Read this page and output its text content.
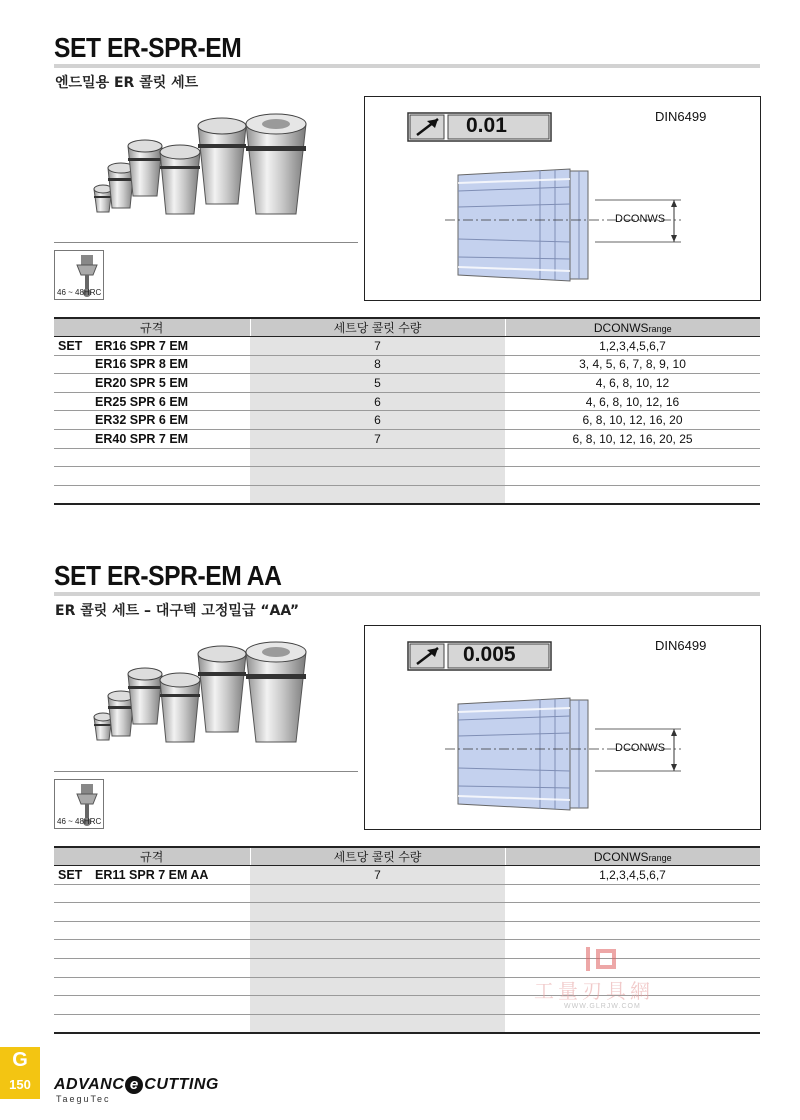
SET ER-SPR-EM
엔드밀용 ER 콜릿 세트
46 ~ 48HRC
0.01	DIN6499
DCONWS
규격	세트당 콜릿 수량	DCONWSrange
SET ER16 SPR 7 EM	7	1,2,3,4,5,6,7
ER16 SPR 8 EM	8	3, 4, 5, 6, 7, 8, 9, 10
ER20 SPR 5 EM	5	4, 6, 8, 10, 12
ER25 SPR 6 EM	6	4, 6, 8, 10, 12, 16
ER32 SPR 6 EM	6	6, 8, 10, 12, 16, 20
ER40 SPR 7 EM	7	6, 8, 10, 12, 16, 20, 25

SET ER-SPR-EM AA
ER 콜릿 세트 – 대구텍 고정밀급 “AA”
46 ~ 48HRC
0.005	DIN6499
DCONWS
규격	세트당 콜릿 수량	DCONWSrange
SET ER11 SPR 7 EM AA	7	1,2,3,4,5,6,7

工量刃具網
WWW.GLRJW.COM
G
150	ADVANC e CUTTING
TaeguTec
